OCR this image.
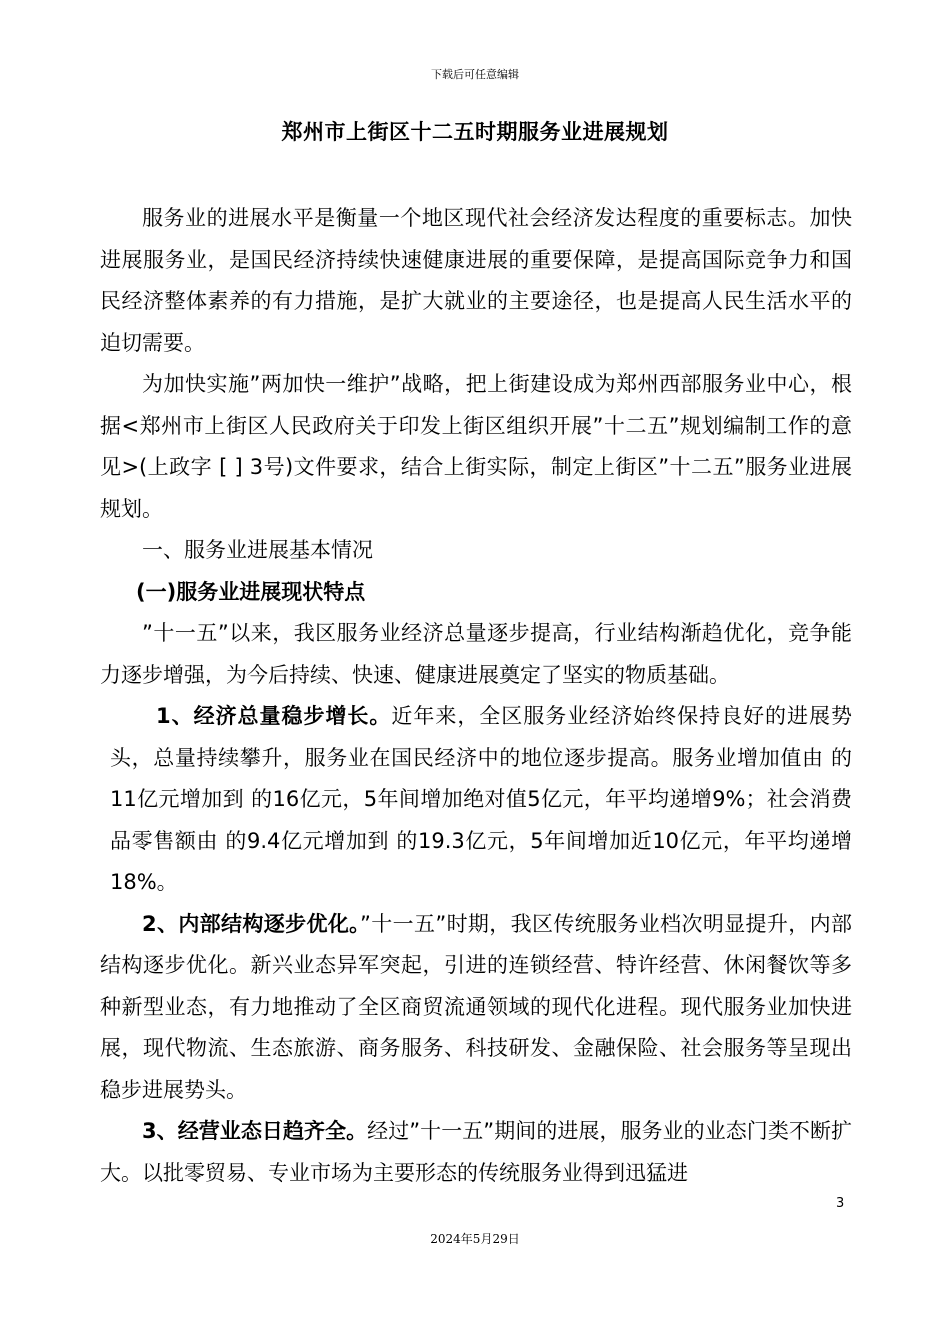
下载后可任意编辑
郑州市上街区十二五时期服务业进展规划

服务业的进展水平是衡量一个地区现代社会经济发达程度的重要标志。加快进展服务业，是国民经济持续快速健康进展的重要保障，是提高国际竞争力和国民经济整体素养的有力措施，是扩大就业的主要途径，也是提高人民生活水平的迫切需要。

为加快实施”两加快一维护”战略，把上街建设成为郑州西部服务业中心，根据<郑州市上街区人民政府关于印发上街区组织开展”十二五”规划编制工作的意见>(上政字 [ ] 3号)文件要求，结合上街实际，制定上街区”十二五”服务业进展规划。

一、服务业进展基本情况

(一)服务业进展现状特点

”十一五”以来，我区服务业经济总量逐步提高，行业结构渐趋优化，竞争能力逐步增强，为今后持续、快速、健康进展奠定了坚实的物质基础。

1、经济总量稳步增长。近年来，全区服务业经济始终保持良好的进展势头，总量持续攀升，服务业在国民经济中的地位逐步提高。服务业增加值由 的11亿元增加到 的16亿元，5年间增加绝对值5亿元，年平均递增9%；社会消费品零售额由 的9.4亿元增加到 的19.3亿元，5年间增加近10亿元，年平均递增18%。

2、内部结构逐步优化。”十一五”时期，我区传统服务业档次明显提升，内部结构逐步优化。新兴业态异军突起，引进的连锁经营、特许经营、休闲餐饮等多种新型业态，有力地推动了全区商贸流通领域的现代化进程。现代服务业加快进展，现代物流、生态旅游、商务服务、科技研发、金融保险、社会服务等呈现出稳步进展势头。

3、经营业态日趋齐全。经过”十一五”期间的进展，服务业的业态门类不断扩大。以批零贸易、专业市场为主要形态的传统服务业得到迅猛进

3
2024年5月29日
